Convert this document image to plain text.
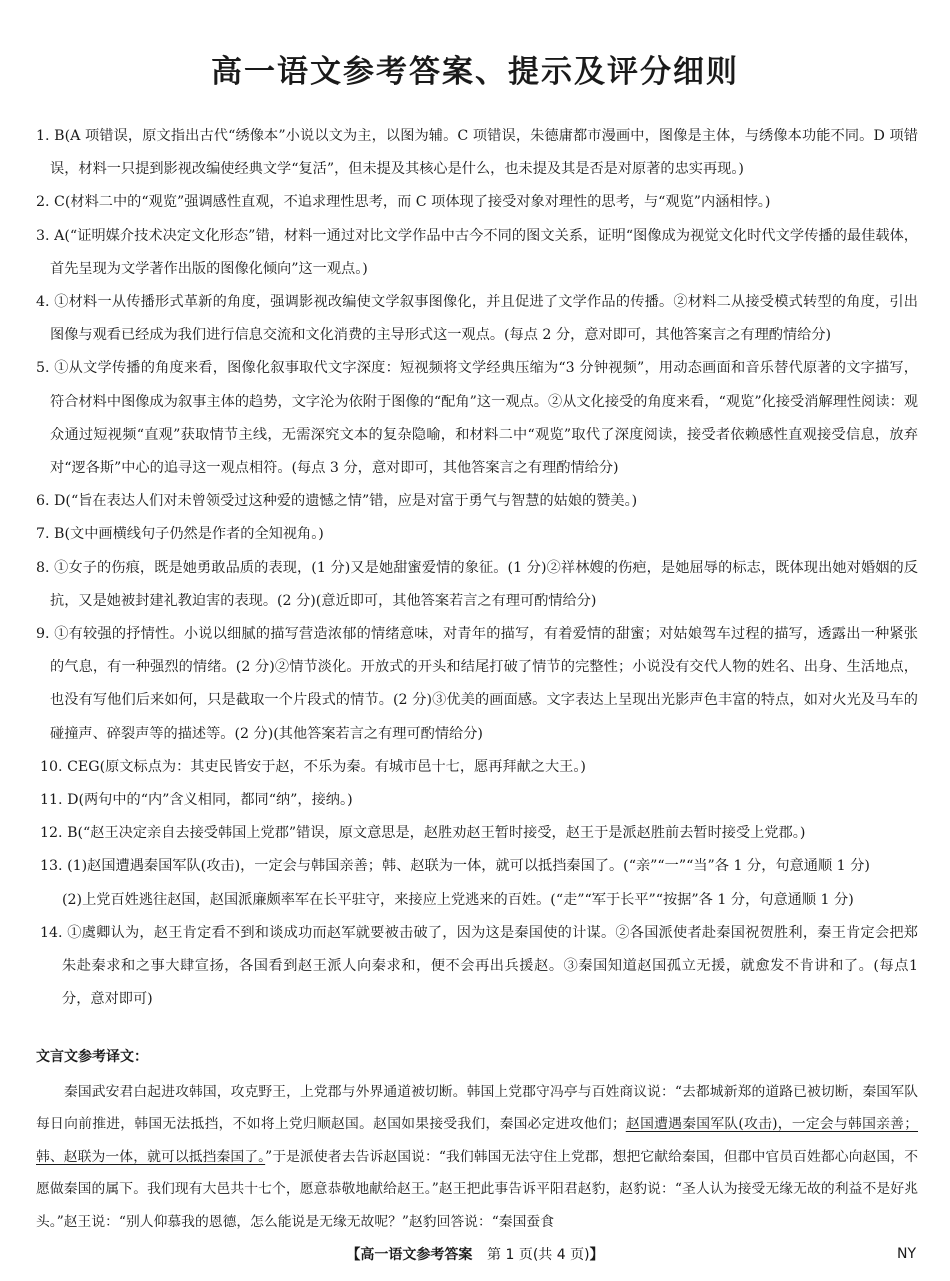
高一语文参考答案、提示及评分细则
1. B(A 项错误，原文指出古代“绣像本”小说以文为主，以图为辅。C 项错误，朱德庸都市漫画中，图像是主体，与绣像本功能不同。D 项错误，材料一只提到影视改编使经典文学“复活”，但未提及其核心是什么，也未提及其是否是对原著的忠实再现。)
2. C(材料二中的“观览”强调感性直观，不追求理性思考，而 C 项体现了接受对象对理性的思考，与“观览”内涵相悖。)
3. A(“证明媒介技术决定文化形态”错，材料一通过对比文学作品中古今不同的图文关系，证明“图像成为视觉文化时代文学传播的最佳载体，首先呈现为文学著作出版的图像化倾向”这一观点。)
4. ①材料一从传播形式革新的角度，强调影视改编使文学叙事图像化，并且促进了文学作品的传播。②材料二从接受模式转型的角度，引出图像与观看已经成为我们进行信息交流和文化消费的主导形式这一观点。(每点 2 分，意对即可，其他答案言之有理酌情给分)
5. ①从文学传播的角度来看，图像化叙事取代文字深度：短视频将文学经典压缩为“3 分钟视频”，用动态画面和音乐替代原著的文字描写，符合材料中图像成为叙事主体的趋势，文字沦为依附于图像的“配角”这一观点。②从文化接受的角度来看，“观览”化接受消解理性阅读：观众通过短视频“直观”获取情节主线，无需深究文本的复杂隐喻，和材料二中“观览”取代了深度阅读，接受者依赖感性直观接受信息，放弃对“逻各斯”中心的追寻这一观点相符。(每点 3 分，意对即可，其他答案言之有理酌情给分)
6. D(“旨在表达人们对未曾领受过这种爱的遗憾之情”错，应是对富于勇气与智慧的姑娘的赞美。)
7. B(文中画横线句子仍然是作者的全知视角。)
8. ①女子的伤痕，既是她勇敢品质的表现，(1 分)又是她甜蜜爱情的象征。(1 分)②祥林嫂的伤疤，是她屈辱的标志，既体现出她对婚姻的反抗，又是她被封建礼教迫害的表现。(2 分)(意近即可，其他答案若言之有理可酌情给分)
9. ①有较强的抒情性。小说以细腻的描写营造浓郁的情绪意味，对青年的描写，有着爱情的甜蜜；对姑娘驾车过程的描写，透露出一种紧张的气息，有一种强烈的情绪。(2 分)②情节淡化。开放式的开头和结尾打破了情节的完整性；小说没有交代人物的姓名、出身、生活地点，也没有写他们后来如何，只是截取一个片段式的情节。(2 分)③优美的画面感。文字表达上呈现出光影声色丰富的特点，如对火光及马车的碰撞声、碎裂声等的描述等。(2 分)(其他答案若言之有理可酌情给分)
10. CEG(原文标点为：其吏民皆安于赵，不乐为秦。有城市邑十七，愿再拜献之大王。)
11. D(两句中的“内”含义相同，都同“纳”，接纳。)
12. B(“赵王决定亲自去接受韩国上党郡”错误，原文意思是，赵胜劝赵王暂时接受，赵王于是派赵胜前去暂时接受上党郡。)
13. (1)赵国遭遇秦国军队(攻击)，一定会与韩国亲善；韩、赵联为一体，就可以抵挡秦国了。(“亲”“一”“当”各 1 分，句意通顺 1 分)
(2)上党百姓逃往赵国，赵国派廉颇率军在长平驻守，来接应上党逃来的百姓。(“走”“军于长平”“按据”各 1 分，句意通顺 1 分)
14. ①虞卿认为，赵王肯定看不到和谈成功而赵军就要被击破了，因为这是秦国使的计谋。②各国派使者赴秦国祝贺胜利，秦王肯定会把郑朱赴秦求和之事大肆宣扬，各国看到赵王派人向秦求和，便不会再出兵援赵。③秦国知道赵国孤立无援，就愈发不肯讲和了。(每点1 分，意对即可)
文言文参考译文：
秦国武安君白起进攻韩国，攻克野王，上党郡与外界通道被切断。韩国上党郡守冯亭与百姓商议说：“去都城新郑的道路已被切断，秦国军队每日向前推进，韩国无法抵挡，不如将上党归顺赵国。赵国如果接受我们，秦国必定进攻他们；赵国遭遇秦国军队(攻击)，一定会与韩国亲善；韩、赵联为一体，就可以抵挡秦国了。”于是派使者去告诉赵国说：“我们韩国无法守住上党郡，想把它献给秦国，但郡中官员百姓都心向赵国，不愿做秦国的属下。我们现有大邑共十七个，愿意恭敬地献给赵王。”赵王把此事告诉平阳君赵豹，赵豹说：“圣人认为接受无缘无故的利益不是好兆头。”赵王说：“别人仰慕我的恩德，怎么能说是无缘无故呢？”赵豹回答说：“秦国蚕食
【高一语文参考答案 第 1 页(共 4 页)】	NY
